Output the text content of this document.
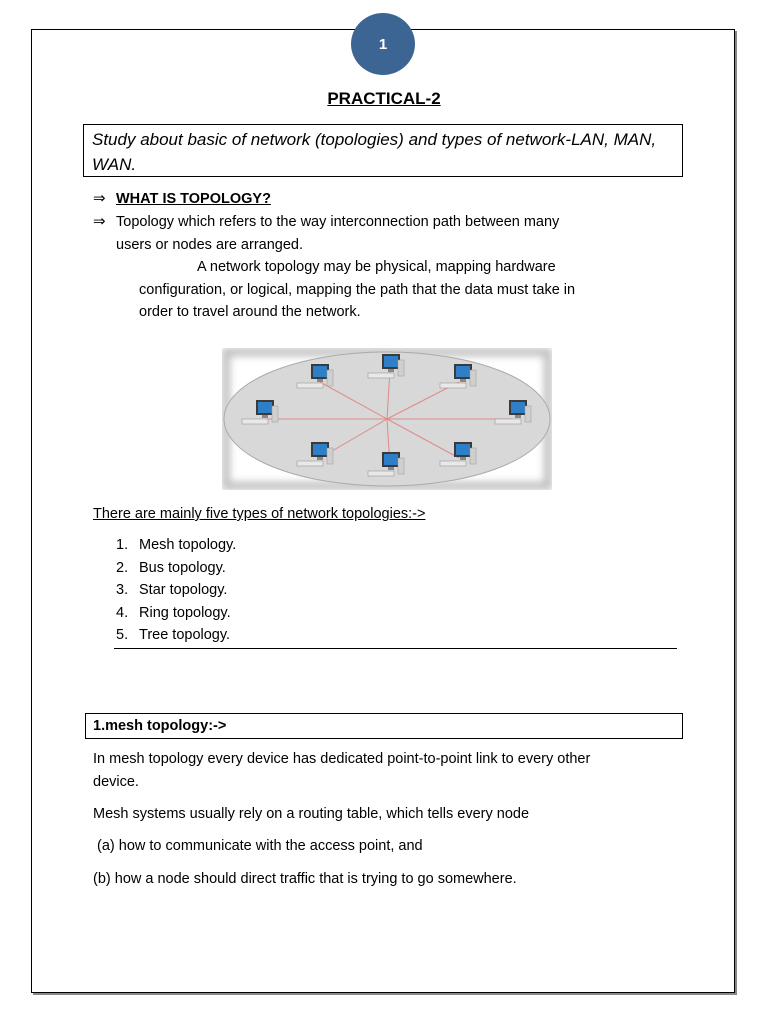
1
PRACTICAL-2
Study about basic of network (topologies) and types of network-LAN, MAN, WAN.
⇒ WHAT IS TOPOLOGY?
⇒ Topology which refers to the way interconnection path between many
users or nodes are arranged.
A network topology may be physical, mapping hardware
configuration, or logical, mapping the path that the data must take in
order to travel around the network.
There are mainly five types of network topologies:->
1. Mesh topology.
2. Bus topology.
3. Star topology.
4. Ring topology.
5. Tree topology.
1.mesh topology:->
In mesh topology every device has dedicated point-to-point link to every other
device.
Mesh systems usually rely on a routing table, which tells every node
(a) how to communicate with the access point, and
(b) how a node should direct traffic that is trying to go somewhere.
